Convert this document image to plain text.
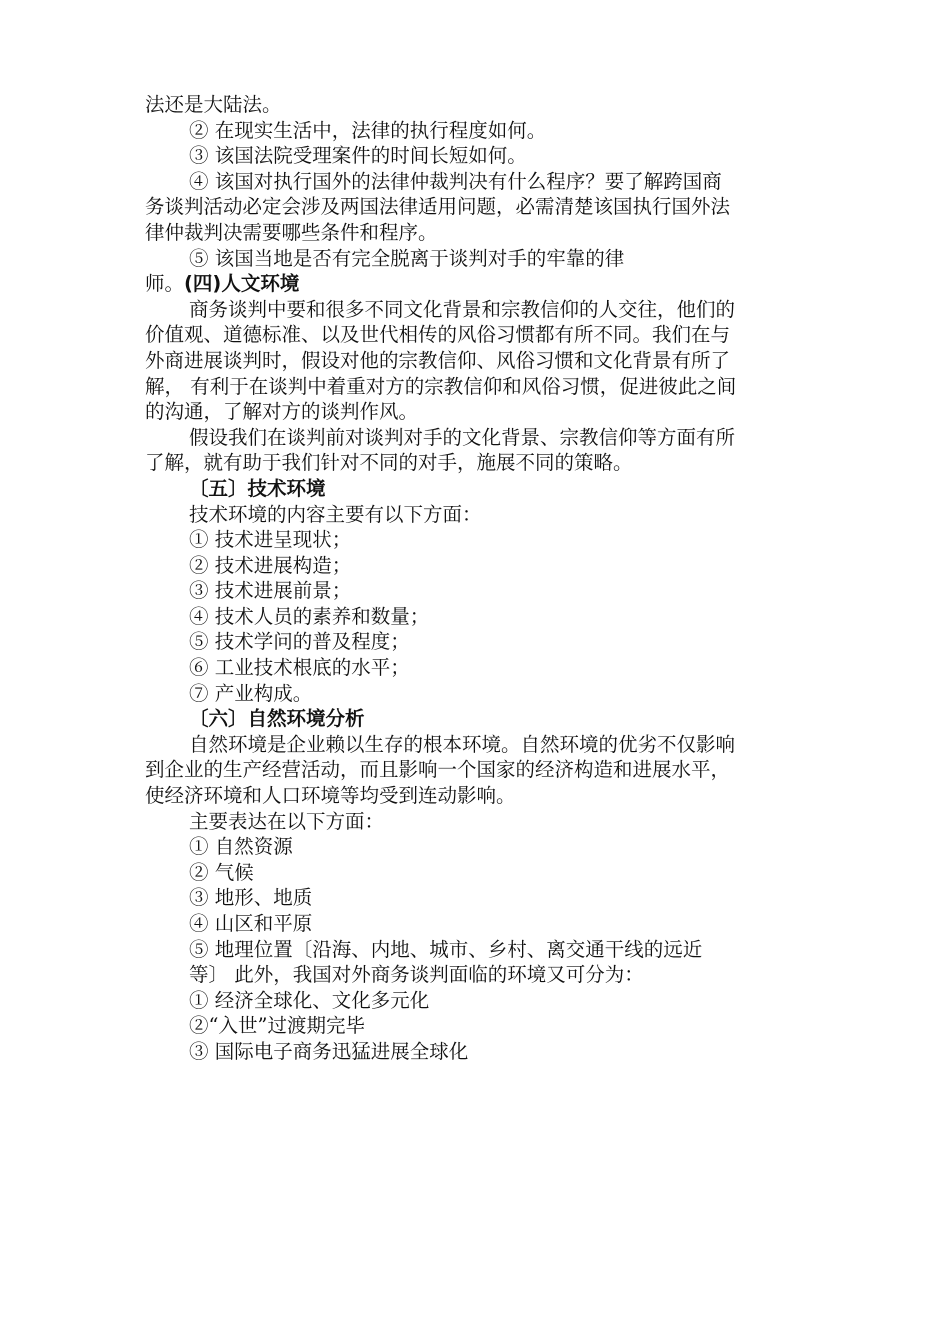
法还是大陆法。
② 在现实生活中，法律的执行程度如何。
③ 该国法院受理案件的时间长短如何。
④ 该国对执行国外的法律仲裁判决有什么程序？要了解跨国商
务谈判活动必定会涉及两国法律适用问题，必需清楚该国执行国外法
律仲裁判决需要哪些条件和程序。
⑤ 该国当地是否有完全脱离于谈判对手的牢靠的律
师。(四)人文环境
商务谈判中要和很多不同文化背景和宗教信仰的人交往，他们的
价值观、道德标准、以及世代相传的风俗习惯都有所不同。我们在与
外商进展谈判时，假设对他的宗教信仰、风俗习惯和文化背景有所了
解， 有利于在谈判中着重对方的宗教信仰和风俗习惯，促进彼此之间
的沟通，了解对方的谈判作风。
假设我们在谈判前对谈判对手的文化背景、宗教信仰等方面有所
了解，就有助于我们针对不同的对手，施展不同的策略。
〔五〕技术环境
技术环境的内容主要有以下方面：
① 技术进呈现状；
② 技术进展构造；
③ 技术进展前景；
④ 技术人员的素养和数量；
⑤ 技术学问的普及程度；
⑥ 工业技术根底的水平；
⑦ 产业构成。
〔六〕自然环境分析
自然环境是企业赖以生存的根本环境。自然环境的优劣不仅影响
到企业的生产经营活动，而且影响一个国家的经济构造和进展水平，
使经济环境和人口环境等均受到连动影响。
主要表达在以下方面：
① 自然资源
② 气候
③ 地形、地质
④ 山区和平原
⑤ 地理位置〔沿海、内地、城市、乡村、离交通干线的远近
等〕 此外，我国对外商务谈判面临的环境又可分为：
① 经济全球化、文化多元化
②“入世”过渡期完毕
③ 国际电子商务迅猛进展全球化
